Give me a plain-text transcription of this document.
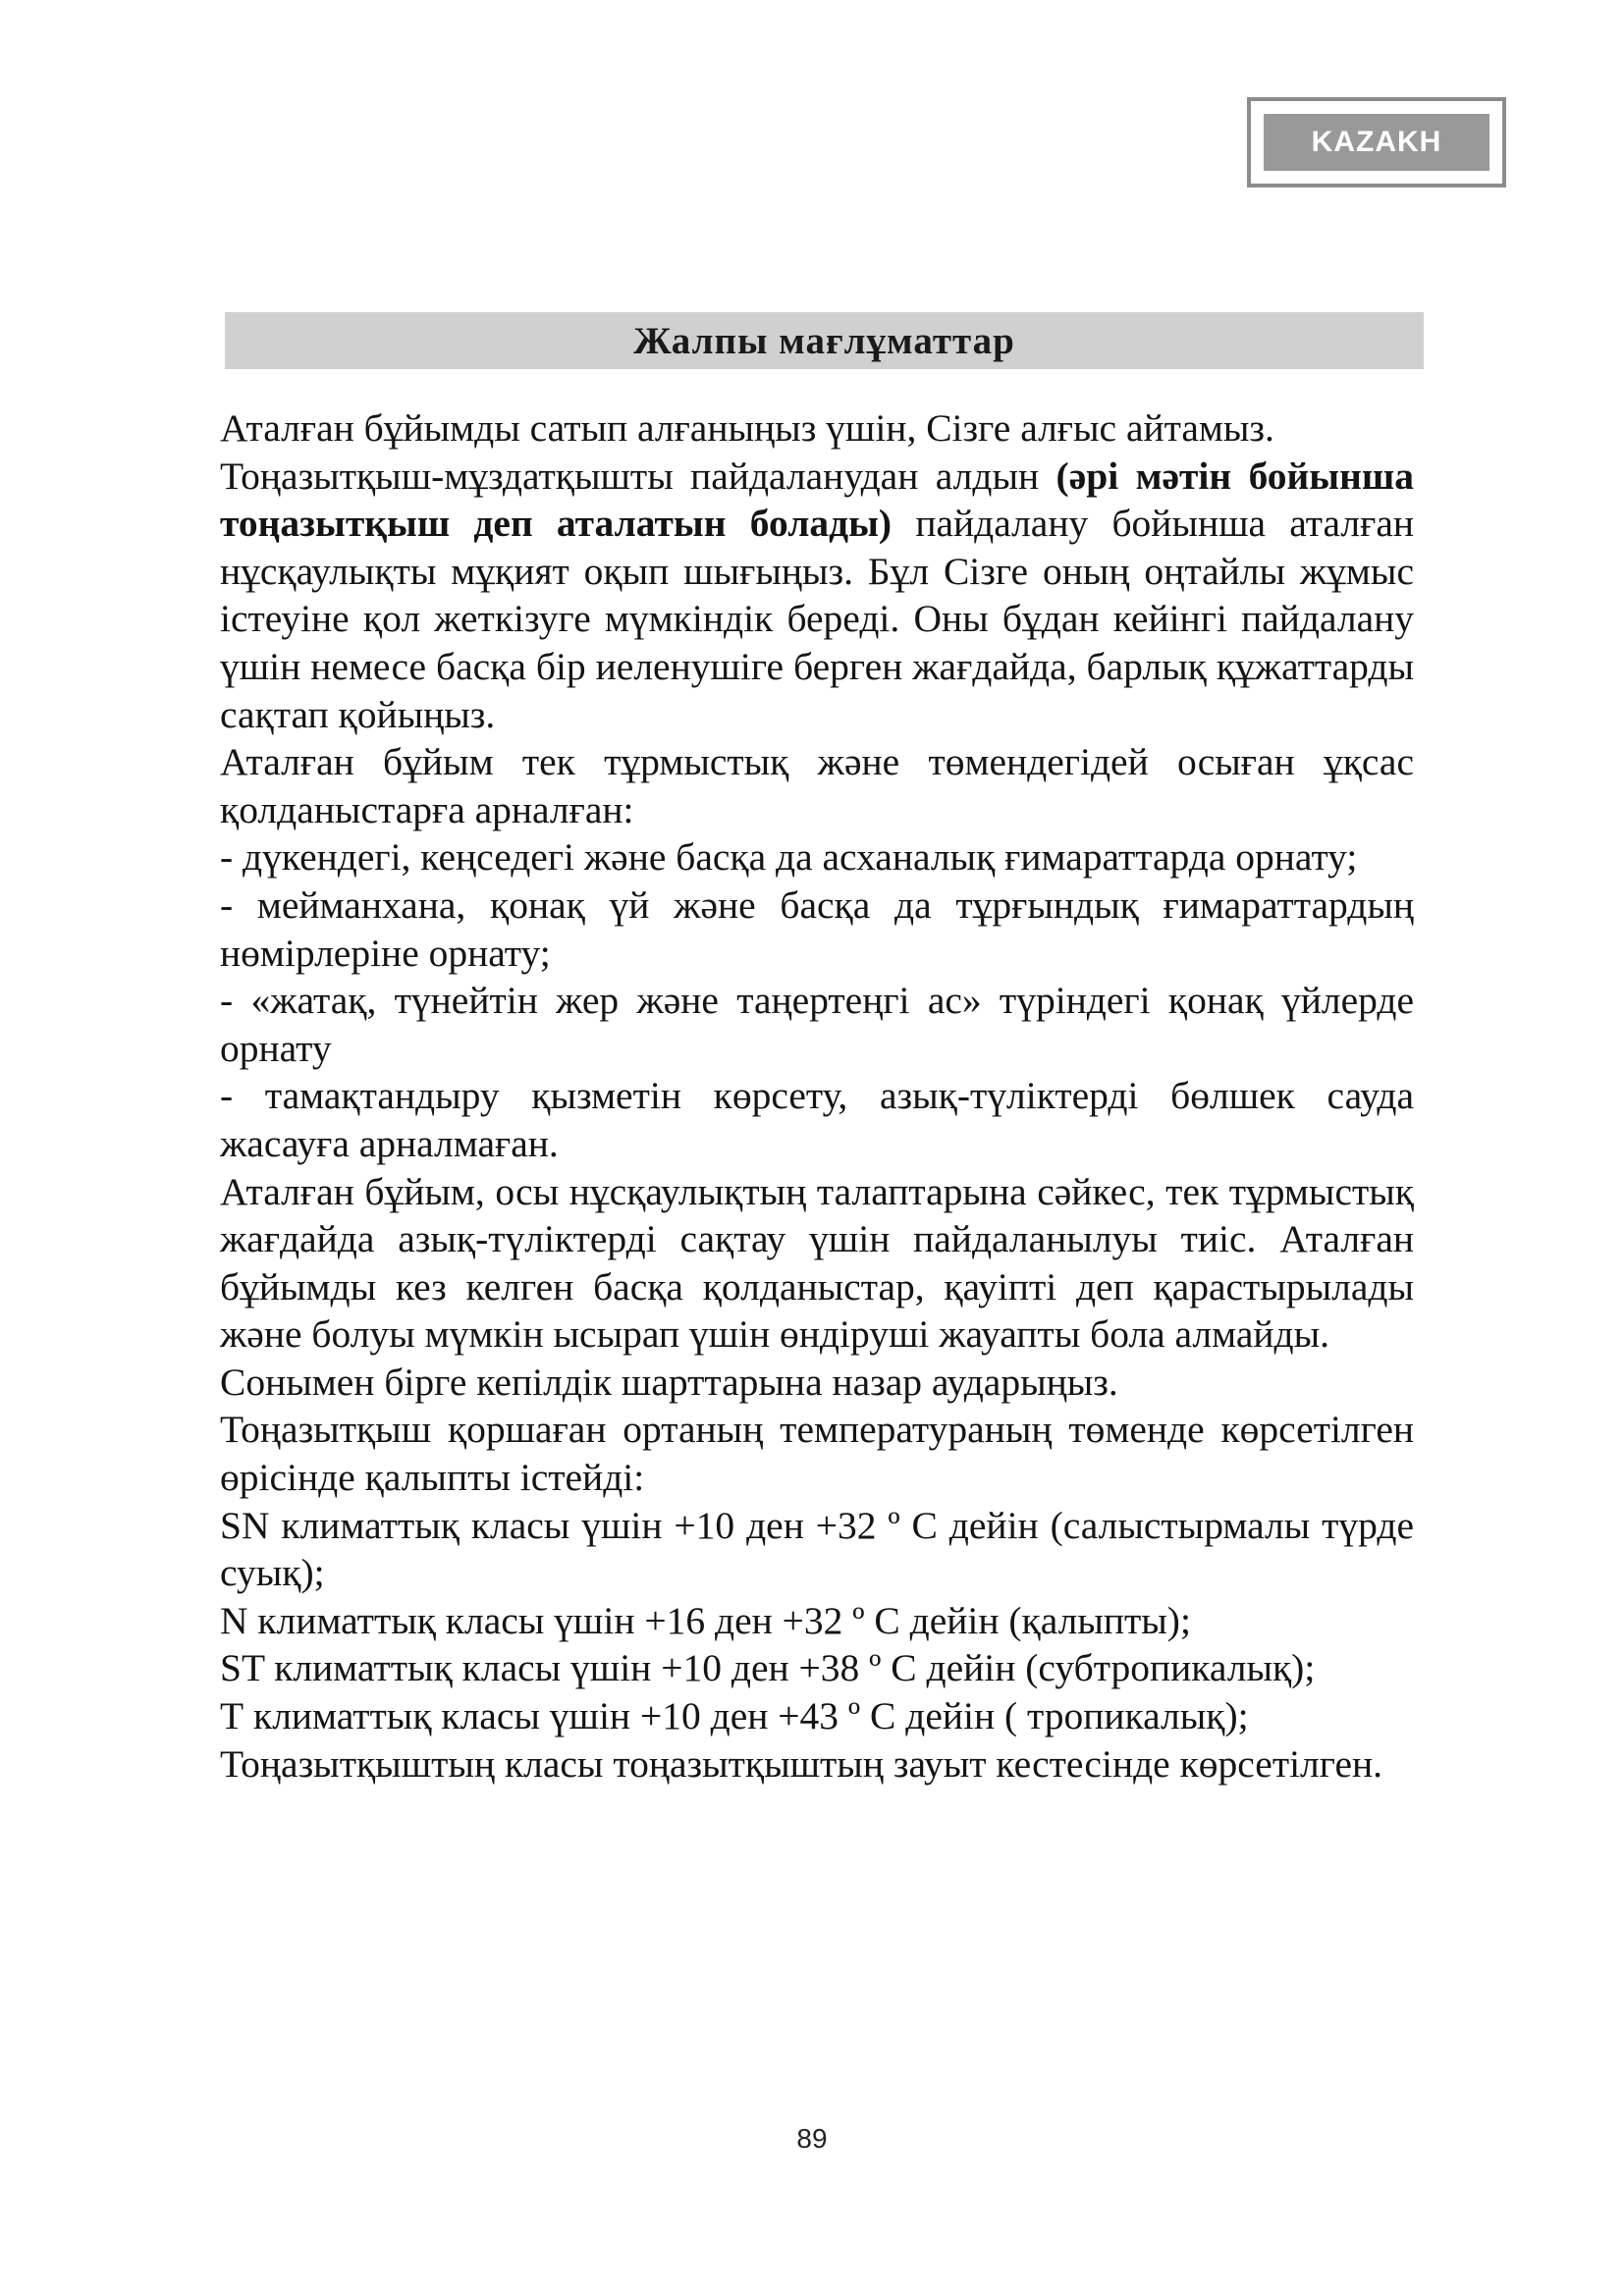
KAZAKH
Жалпы мағлұматтар

Аталған бұйымды сатып алғаныңыз үшін, Сізге алғыс айтамыз.

Тоңазытқыш-мұздатқышты пайдаланудан алдын (әрі мәтін бойынша тоңазытқыш деп аталатын болады) пайдалану бойынша аталған нұсқаулықты мұқият оқып шығыңыз. Бұл Сізге оның оңтайлы жұмыс істеуіне қол жеткізуге мүмкіндік береді. Оны бұдан кейінгі пайдалану үшін немесе басқа бір иеленушіге берген жағдайда, барлық құжаттарды сақтап қойыңыз.

Аталған бұйым тек тұрмыстық және төмендегідей осыған ұқсас қолданыстарға арналған:

- дүкендегі, кеңседегі және басқа да асханалық ғимараттарда орнату;

- мейманхана, қонақ үй және басқа да тұрғындық ғимараттардың нөмірлеріне орнату;

- «жатақ, түнейтін жер және таңертеңгі ас» түріндегі қонақ үйлерде орнату

- тамақтандыру қызметін көрсету, азық-түліктерді бөлшек сауда жасауға арналмаған.

Аталған бұйым, осы нұсқаулықтың талаптарына сәйкес, тек тұрмыстық жағдайда азық-түліктерді сақтау үшін пайдаланылуы тиіс. Аталған бұйымды кез келген басқа қолданыстар, қауіпті деп қарастырылады және болуы мүмкін ысырап үшін өндіруші жауапты бола алмайды.

Сонымен бірге кепілдік шарттарына назар аударыңыз.

Тоңазытқыш қоршаған ортаның температураның төменде көрсетілген өрісінде қалыпты істейді:

SN климаттық класы үшін +10 ден +32 º С дейін (салыстырмалы түрде суық);

N климаттық класы үшін +16 ден +32 º С дейін (қалыпты);

ST климаттық класы үшін +10 ден +38 º С дейін (субтропикалық);

Т климаттық класы үшін +10 ден +43 º С дейін ( тропикалық);

Тоңазытқыштың класы тоңазытқыштың зауыт кестесінде көрсетілген.

89
